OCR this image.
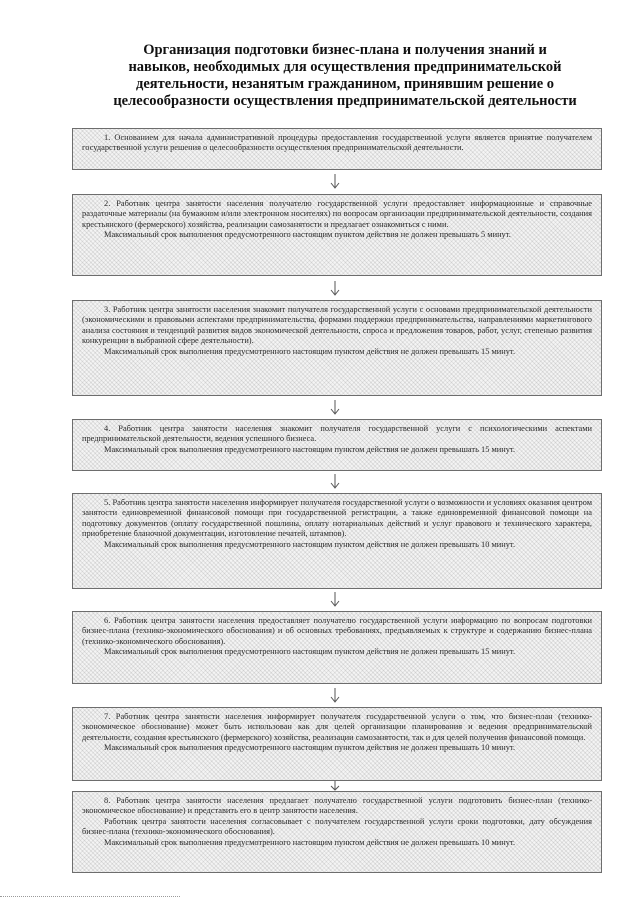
Организация подготовки бизнес-плана и получения знаний и
навыков, необходимых для осуществления предпринимательской
деятельности, незанятым гражданином, принявшим решение о
целесообразности осуществления предпринимательской деятельности

1. Основанием для начала административной процедуры предоставления государственной услуги является принятие получателем государственной услуги решения о целесообразности осуществления предпринимательской деятельности.

2. Работник центра занятости населения получателю государственной услуги предоставляет информационные и справочные раздаточные материалы (на бумажном и/или электронном носителях) по вопросам организации предпринимательской деятельности, создания крестьянского (фермерского) хозяйства, реализации самозанятости и предлагает ознакомиться с ними.

Максимальный срок выполнения предусмотренного настоящим пунктом действия не должен превышать 5 минут.

3. Работник центра занятости населения знакомит получателя государственной услуги с основами предпринимательской деятельности (экономическими и правовыми аспектами предпринимательства, формами поддержки предпринимательства, направлениями маркетингового анализа состояния и тенденций развития видов экономической деятельности, спроса и предложения товаров, работ, услуг, степенью развития конкуренции в выбранной сфере деятельности).

Максимальный срок выполнения предусмотренного настоящим пунктом действия не должен превышать 15 минут.

4. Работник центра занятости населения знакомит получателя государственной услуги с психологическими аспектами предпринимательской деятельности, ведения успешного бизнеса.

Максимальный срок выполнения предусмотренного настоящим пунктом действия не должен превышать 15 минут.

5. Работник центра занятости населения информирует получателя государственной услуги о возможности и условиях оказания центром занятости единовременной финансовой помощи при государственной регистрации, а также единовременной финансовой помощи на подготовку документов (оплату государственной пошлины, оплату нотариальных действий и услуг правового и технического характера, приобретение бланочной документации, изготовление печатей, штампов).

Максимальный срок выполнения предусмотренного настоящим пунктом действия не должен превышать 10 минут.

6. Работник центра занятости населения предоставляет получателю государственной услуги информацию по вопросам подготовки бизнес-плана (технико-экономического обоснования) и об основных требованиях, предъявляемых к структуре и содержанию бизнес-плана (технико-экономического обоснования).

Максимальный срок выполнения предусмотренного настоящим пунктом действия не должен превышать 15 минут.

7. Работник центра занятости населения информирует получателя государственной услуги о том, что бизнес-план (технико-экономическое обоснование) может быть использован как для целей организации планирования и ведения предпринимательской деятельности, создания крестьянского (фермерского) хозяйства, реализации самозанятости, так и для целей получения финансовой помощи.

Максимальный срок выполнения предусмотренного настоящим пунктом действия не должен превышать 10 минут.

8. Работник центра занятости населения предлагает получателю государственной услуги подготовить бизнес-план (технико-экономическое обоснование) и представить его в центр занятости населения.

Работник центра занятости населения согласовывает с получателем государственной услуги сроки подготовки, дату обсуждения бизнес-плана (технико-экономического обоснования).

Максимальный срок выполнения предусмотренного настоящим пунктом действия не должен превышать 10 минут.
